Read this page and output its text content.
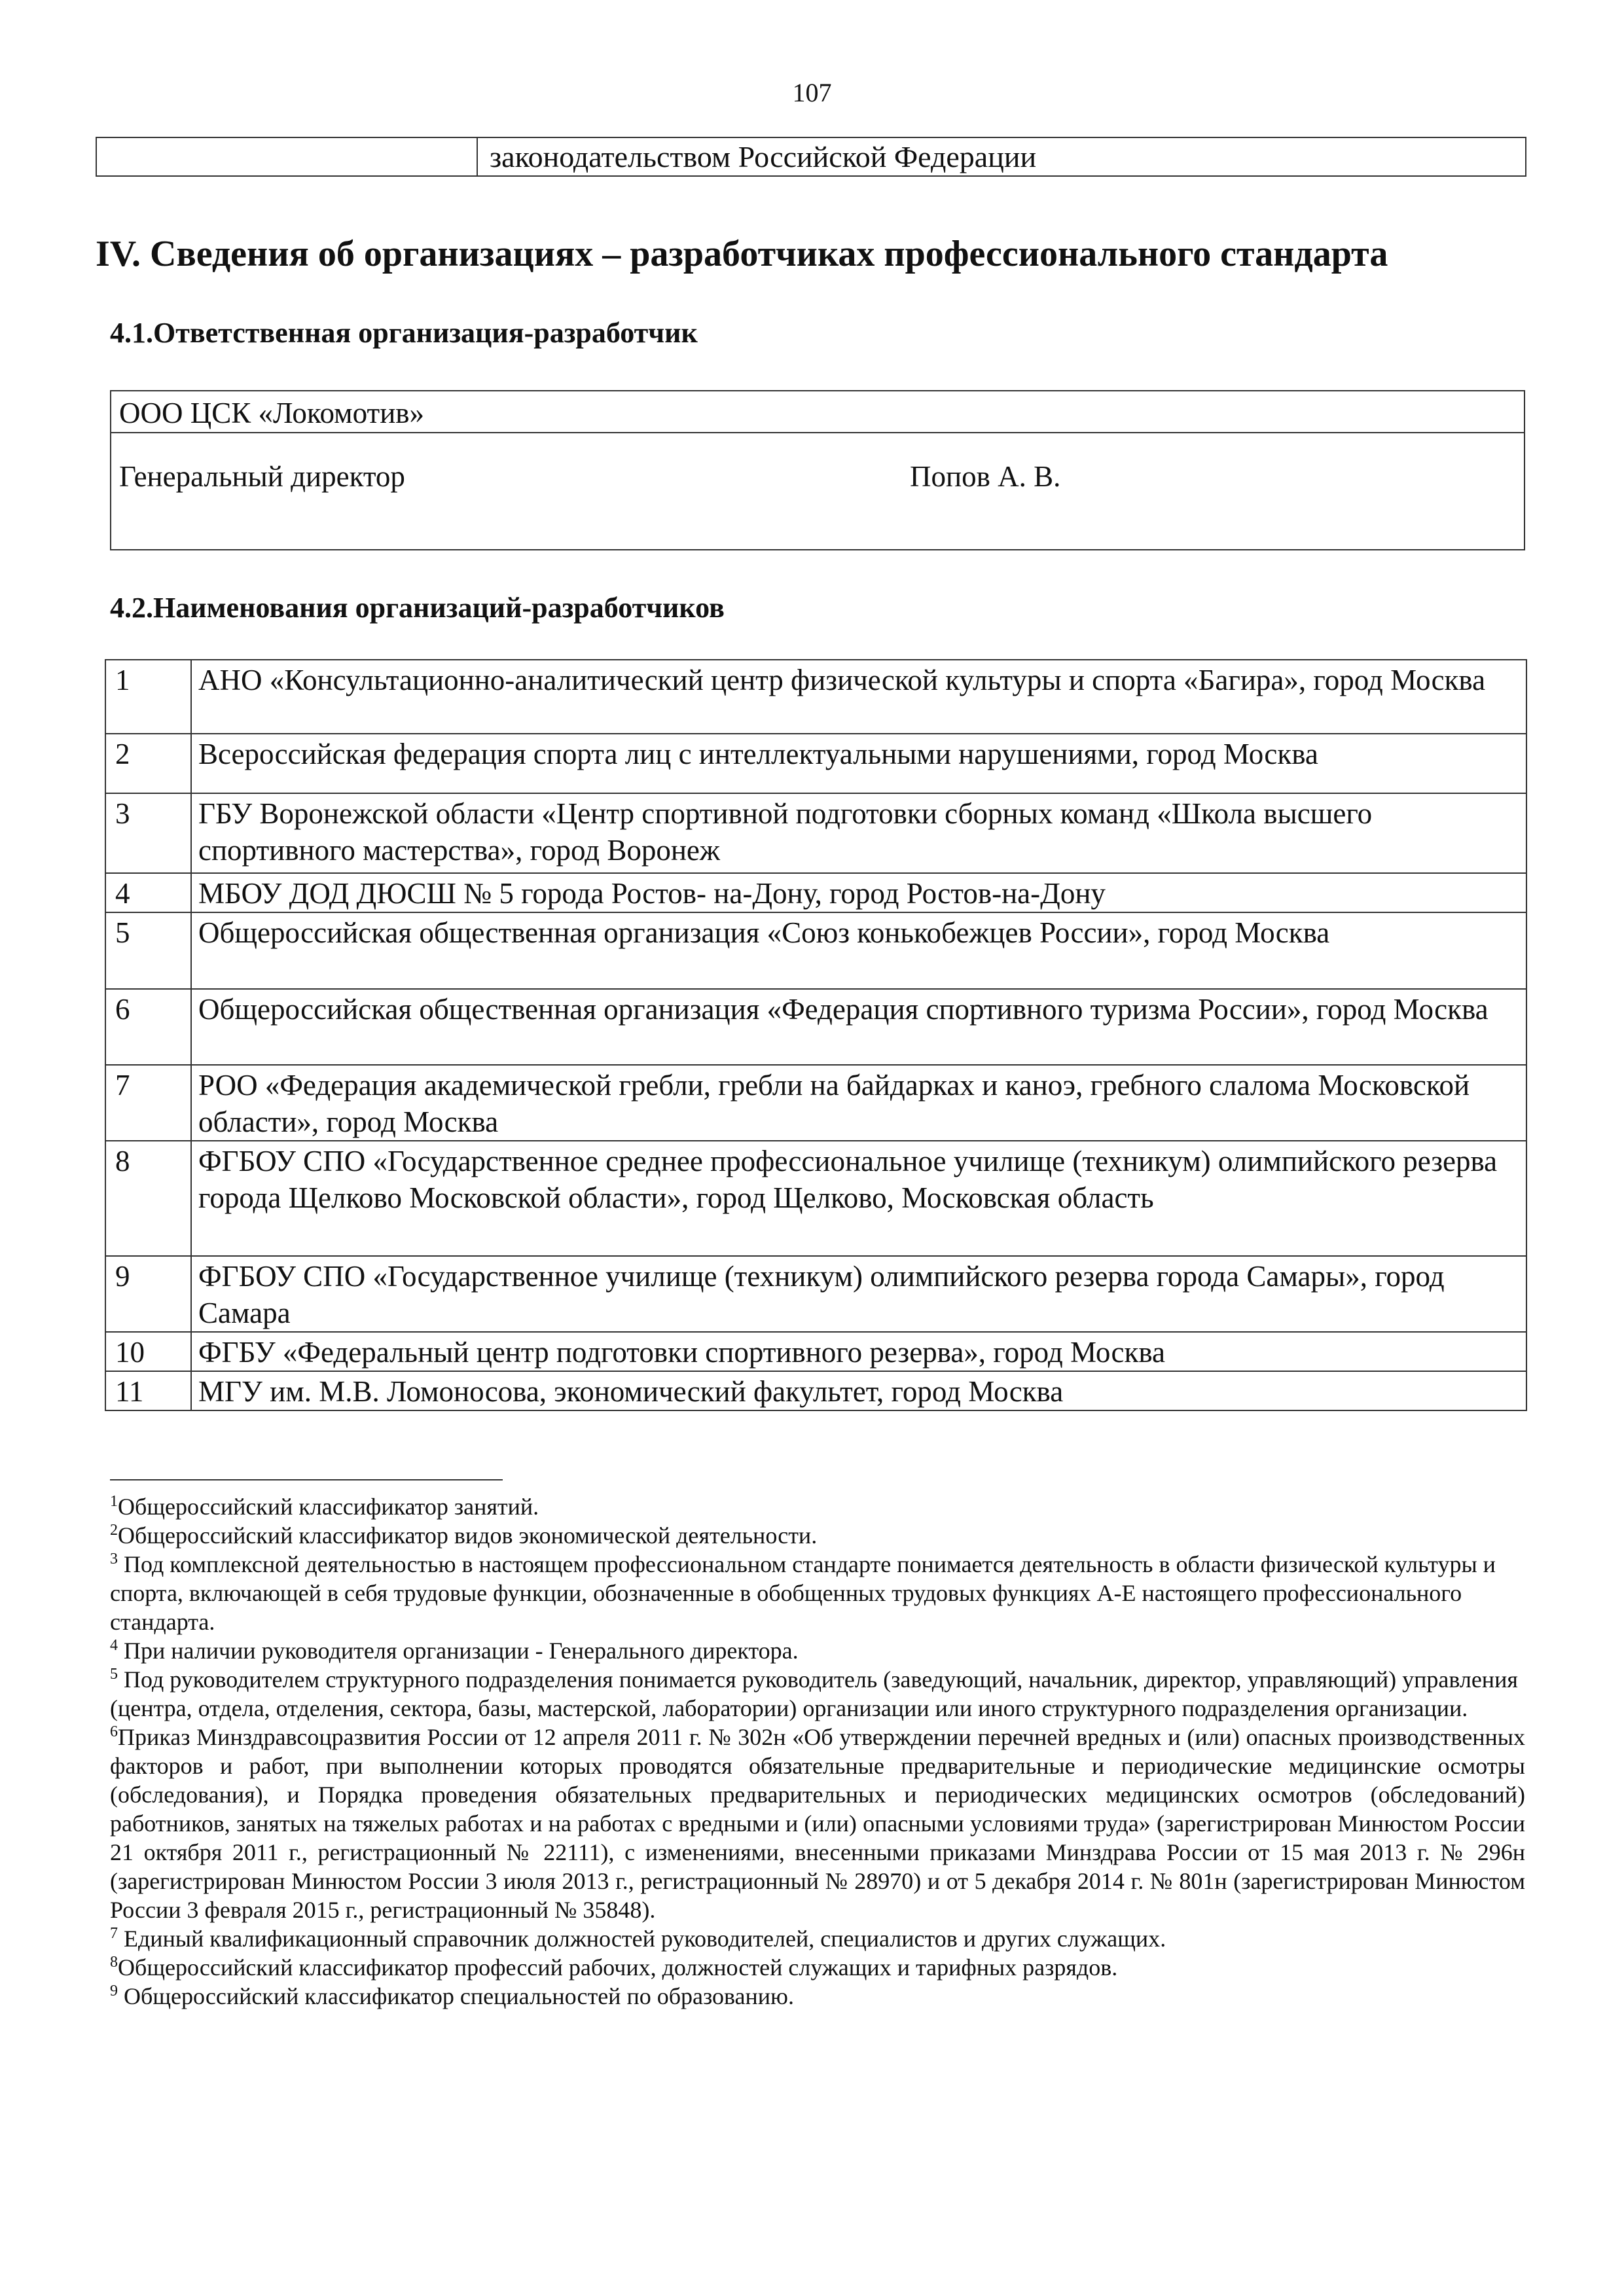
107
законодательством Российской Федерации
IV. Сведения об организациях – разработчиках профессионального стандарта
4.1.Ответственная организация-разработчик
ООО ЦСК «Локомотив»
Генеральный директор	Попов А. В.
4.2.Наименования организаций-разработчиков
1	АНО «Консультационно-аналитический центр физической культуры и спорта «Багира», город Москва
2	Всероссийская федерация спорта лиц с интеллектуальными нарушениями, город Москва
3	ГБУ Воронежской области «Центр спортивной подготовки сборных команд «Школа высшего спортивного мастерства», город Воронеж
4	МБОУ ДОД ДЮСШ № 5 города Ростов- на-Дону, город Ростов-на-Дону
5	Общероссийская общественная организация «Союз конькобежцев России», город Москва
6	Общероссийская общественная организация «Федерация спортивного туризма России», город Москва
7	РОО «Федерация академической гребли, гребли на байдарках и каноэ, гребного слалома Московской области», город Москва
8	ФГБОУ СПО «Государственное среднее профессиональное училище (техникум) олимпийского резерва города Щелково Московской области», город Щелково, Московская область
9	ФГБОУ СПО «Государственное училище (техникум) олимпийского резерва города Самары», город Самара
10	ФГБУ «Федеральный центр подготовки спортивного резерва», город Москва
11	МГУ им. М.В. Ломоносова, экономический факультет, город Москва

$^1$Общероссийский классификатор занятий.

$^2$Общероссийский классификатор видов экономической деятельности.

$^3$ Под комплексной деятельностью в настоящем профессиональном стандарте понимается деятельность в области физической культуры и спорта, включающей в себя трудовые функции, обозначенные в обобщенных трудовых функциях А-Е настоящего профессионального стандарта.

$^4$ При наличии руководителя организации - Генерального директора.

$^5$ Под руководителем структурного подразделения понимается руководитель (заведующий, начальник, директор, управляющий) управления (центра, отдела, отделения, сектора, базы, мастерской, лаборатории) организации или иного структурного подразделения организации.

$^6$Приказ Минздравсоцразвития России от 12 апреля 2011 г. № 302н «Об утверждении перечней вредных и (или) опасных производственных факторов и работ, при выполнении которых проводятся обязательные предварительные и периодические медицинские осмотры (обследования), и Порядка проведения обязательных предварительных и периодических медицинских осмотров (обследований) работников, занятых на тяжелых работах и на работах с вредными и (или) опасными условиями труда» (зарегистрирован Минюстом России 21 октября 2011 г., регистрационный № 22111), с изменениями, внесенными приказами Минздрава России от 15 мая 2013 г. № 296н (зарегистрирован Минюстом России 3 июля 2013 г., регистрационный № 28970) и от 5 декабря 2014 г. № 801н (зарегистрирован Минюстом России 3 февраля 2015 г., регистрационный № 35848).

$^7$ Единый квалификационный справочник должностей руководителей, специалистов и других служащих.

$^8$Общероссийский классификатор профессий рабочих, должностей служащих и тарифных разрядов.

$^9$ Общероссийский классификатор специальностей по образованию.
